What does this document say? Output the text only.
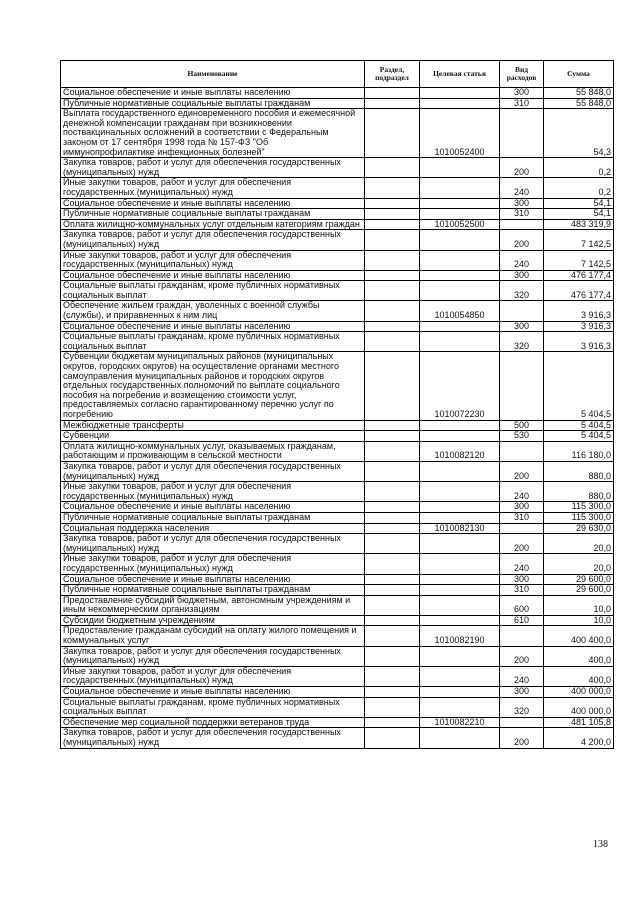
Наименование	Раздел, подраздел	Целевая статья	Вид расходов	Сумма
Социальное обеспечение и иные выплаты населению			300	55 848,0
Публичные нормативные социальные выплаты гражданам			310	55 848,0
Выплата государственного единовременного пособия и ежемесячной денежной компенсации гражданам при возникновении поствакцинальных осложнений в соответствии с Федеральным законом от 17 сентября 1998 года № 157-ФЗ "Об иммунопрофилактике инфекционных болезней"		1010052400		54,3
Закупка товаров, работ и услуг для обеспечения государственных (муниципальных) нужд			200	0,2
Иные закупки товаров, работ и услуг для обеспечения государственных (муниципальных) нужд			240	0,2
Социальное обеспечение и иные выплаты населению			300	54,1
Публичные нормативные социальные выплаты гражданам			310	54,1
Оплата жилищно-коммунальных услуг отдельным категориям граждан		1010052500		483 319,9
Закупка товаров, работ и услуг для обеспечения государственных (муниципальных) нужд			200	7 142,5
Иные закупки товаров, работ и услуг для обеспечения государственных (муниципальных) нужд			240	7 142,5
Социальное обеспечение и иные выплаты населению			300	476 177,4
Социальные выплаты гражданам, кроме публичных нормативных социальных выплат			320	476 177,4
Обеспечение жильем граждан, уволенных с военной службы (службы), и приравненных к ним лиц		1010054850		3 916,3
Социальное обеспечение и иные выплаты населению			300	3 916,3
Социальные выплаты гражданам, кроме публичных нормативных социальных выплат			320	3 916,3
Субвенции бюджетам муниципальных районов (муниципальных округов, городских округов) на осуществление органами местного самоуправления муниципальных районов и городских округов отдельных государственных полномочий по выплате социального пособия на погребение и возмещению стоимости услуг, предоставляемых согласно гарантированному перечню услуг по погребению		1010072230		5 404,5
Межбюджетные трансферты			500	5 404,5
Субвенции			530	5 404,5
Оплата жилищно-коммунальных услуг, оказываемых гражданам, работающим и проживающим в сельской местности		1010082120		116 180,0
Закупка товаров, работ и услуг для обеспечения государственных (муниципальных) нужд			200	880,0
Иные закупки товаров, работ и услуг для обеспечения государственных (муниципальных) нужд			240	880,0
Социальное обеспечение и иные выплаты населению			300	115 300,0
Публичные нормативные социальные выплаты гражданам			310	115 300,0
Социальная поддержка населения		1010082130		29 630,0
Закупка товаров, работ и услуг для обеспечения государственных (муниципальных) нужд			200	20,0
Иные закупки товаров, работ и услуг для обеспечения государственных (муниципальных) нужд			240	20,0
Социальное обеспечение и иные выплаты населению			300	29 600,0
Публичные нормативные социальные выплаты гражданам			310	29 600,0
Предоставление субсидий бюджетным, автономным учреждениям и иным некоммерческим организациям			600	10,0
Субсидии бюджетным учреждениям			610	10,0
Предоставление гражданам субсидий на оплату жилого помещения и коммунальных услуг		1010082190		400 400,0
Закупка товаров, работ и услуг для обеспечения государственных (муниципальных) нужд			200	400,0
Иные закупки товаров, работ и услуг для обеспечения государственных (муниципальных) нужд			240	400,0
Социальное обеспечение и иные выплаты населению			300	400 000,0
Социальные выплаты гражданам, кроме публичных нормативных социальных выплат			320	400 000,0
Обеспечение мер социальной поддержки ветеранов труда		1010082210		481 105,8
Закупка товаров, работ и услуг для обеспечения государственных (муниципальных) нужд			200	4 200,0
138
